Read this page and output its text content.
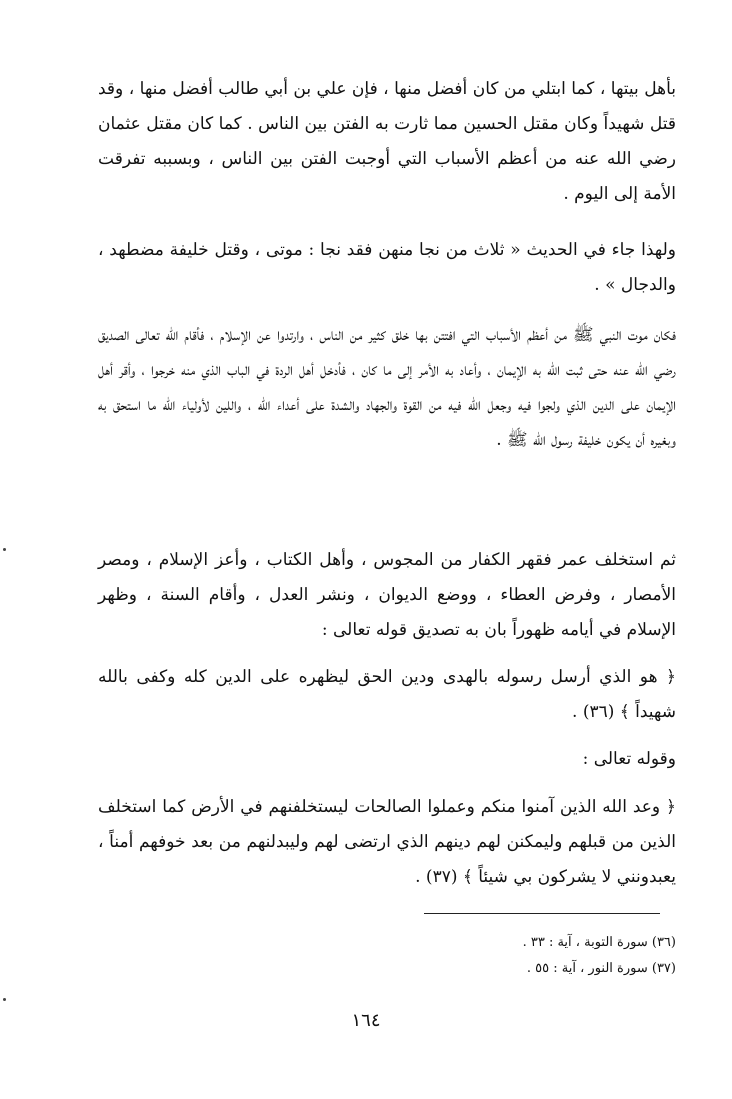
بأهل بيتها ، كما ابتلي من كان أفضل منها ، فإن علي بن أبي طالب أفضل منها ، وقد قتل شهيداً وكان مقتل الحسين مما ثارت به الفتن بين الناس . كما كان مقتل عثمان رضي الله عنه من أعظم الأسباب التي أوجبت الفتن بين الناس ، وبسببه تفرقت الأمة إلى اليوم .

ولهذا جاء في الحديث « ثلاث من نجا منهن فقد نجا : موتى ، وقتل خليفة مضطهد ، والدجال » .

فكان موت النبي ﷺ من أعظم الأسباب التي افتتن بها خلق كثير من الناس ، وارتدوا عن الإسلام ، فأقام الله تعالى الصديق رضي الله عنه حتى ثبت الله به الإيمان ، وأعاد به الأمر إلى ما كان ، فأدخل أهل الردة في الباب الذي منه خرجوا ، وأقر أهل الإيمان على الدين الذي ولجوا فيه وجعل الله فيه من القوة والجهاد والشدة على أعداء الله ، واللين لأولياء الله ما استحق به وبغيره أن يكون خليفة رسول الله ﷺ .

ثم استخلف عمر فقهر الكفار من المجوس ، وأهل الكتاب ، وأعز الإسلام ، ومصر الأمصار ، وفرض العطاء ، ووضع الديوان ، ونشر العدل ، وأقام السنة ، وظهر الإسلام في أيامه ظهوراً بان به تصديق قوله تعالى :

﴿ هو الذي أرسل رسوله بالهدى ودين الحق ليظهره على الدين كله وكفى بالله شهيداً ﴾ (٣٦) .

وقوله تعالى :

﴿ وعد الله الذين آمنوا منكم وعملوا الصالحات ليستخلفنهم في الأرض كما استخلف الذين من قبلهم وليمكنن لهم دينهم الذي ارتضى لهم وليبدلنهم من بعد خوفهم أمناً ، يعبدونني لا يشركون بي شيئاً ﴾ (٣٧) .

(٣٦) سورة التوبة ، آية : ٣٣ .
(٣٧) سورة النور ، آية : ٥٥ .
١٦٤
